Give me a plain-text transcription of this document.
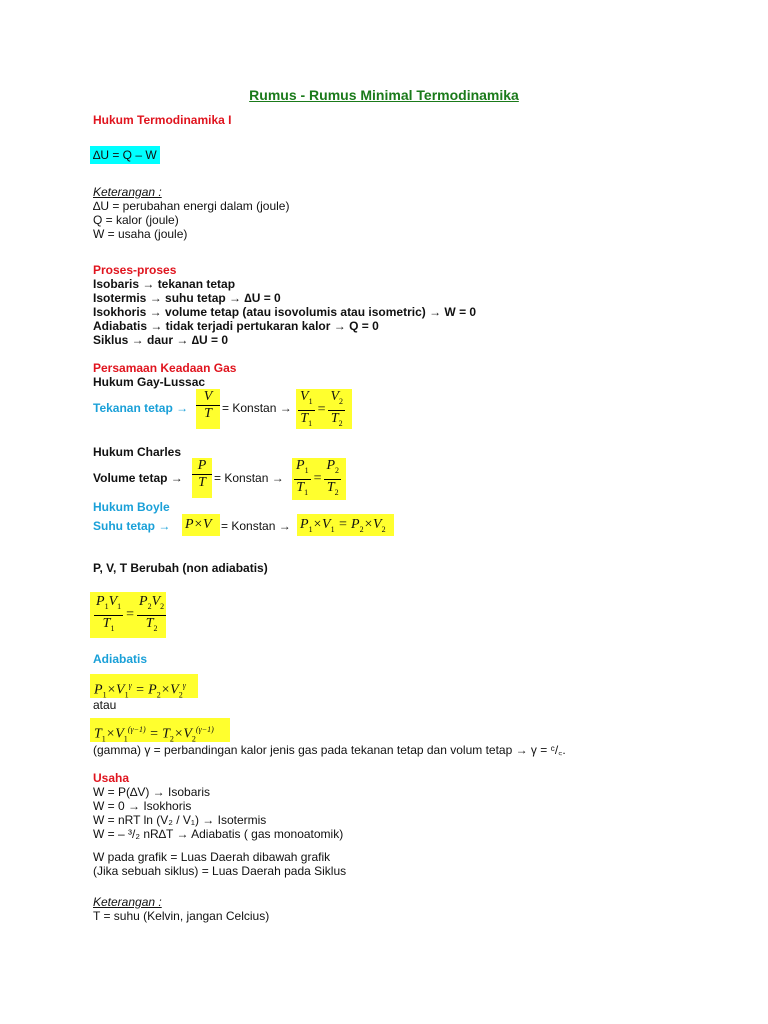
Rumus - Rumus Minimal Termodinamika
Hukum Termodinamika I
∆U = Q – W
Keterangan :
∆U = perubahan energi dalam (joule)
Q = kalor (joule)
W = usaha (joule)
Proses-proses
Isobaris → tekanan tetap
Isotermis → suhu tetap → ∆U = 0
Isokhoris → volume tetap (atau isovolumis atau isometric) → W = 0
Adiabatis → tidak terjadi pertukaran kalor → Q = 0
Siklus → daur → ∆U = 0
Persamaan Keadaan Gas
Hukum Gay-Lussac
Tekanan tetap → $\frac{V}{T}$ = Konstan → $\frac{V_1}{T_1} = \frac{V_2}{T_2}$
Hukum Charles
Volume tetap → $\frac{P}{T}$ = Konstan → $\frac{P_1}{T_1} = \frac{P_2}{T_2}$
Hukum Boyle
Suhu tetap → P×V = Konstan → $P_1\times V_1 = P_2\times V_2$
P, V, T Berubah (non adiabatis)
$\frac{P_1V_1}{T_1} = \frac{P_2V_2}{T_2}$
Adiabatis
$P_1\times V_1^\gamma = P_2\times V_2^\gamma$
atau
$T_1\times V_1^{(\gamma-1)} = T_2\times V_2^{(\gamma-1)}$
(gamma) γ = perbandingan kalor jenis gas pada tekanan tetap dan volum tetap → γ = ᶜ/꜀.
Usaha
W = P(∆V) → Isobaris
W = 0 → Isokhoris
W = nRT ln (V₂ / V₁) → Isotermis
W = – ³/₂ nR∆T → Adiabatis ( gas monoatomik)
W pada grafik = Luas Daerah dibawah grafik
(Jika sebuah siklus) = Luas Daerah pada Siklus
Keterangan :
T = suhu (Kelvin, jangan Celcius)
